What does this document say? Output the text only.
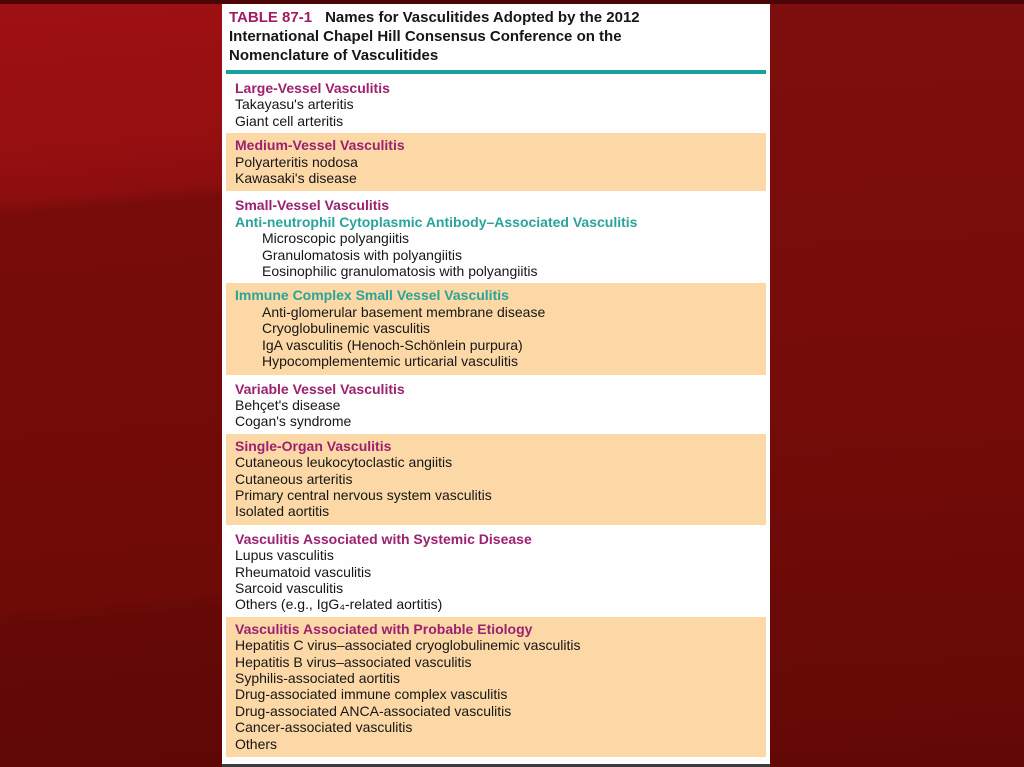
TABLE 87-1 Names for Vasculitides Adopted by the 2012
International Chapel Hill Consensus Conference on the
Nomenclature of Vasculitides
Large-Vessel Vasculitis
Takayasu's arteritis
Giant cell arteritis
Medium-Vessel Vasculitis
Polyarteritis nodosa
Kawasaki's disease
Small-Vessel Vasculitis
Anti-neutrophil Cytoplasmic Antibody–Associated Vasculitis
Microscopic polyangiitis
Granulomatosis with polyangiitis
Eosinophilic granulomatosis with polyangiitis
Immune Complex Small Vessel Vasculitis
Anti-glomerular basement membrane disease
Cryoglobulinemic vasculitis
IgA vasculitis (Henoch-Schönlein purpura)
Hypocomplementemic urticarial vasculitis
Variable Vessel Vasculitis
Behçet's disease
Cogan's syndrome
Single-Organ Vasculitis
Cutaneous leukocytoclastic angiitis
Cutaneous arteritis
Primary central nervous system vasculitis
Isolated aortitis
Vasculitis Associated with Systemic Disease
Lupus vasculitis
Rheumatoid vasculitis
Sarcoid vasculitis
Others (e.g., IgG₄-related aortitis)
Vasculitis Associated with Probable Etiology
Hepatitis C virus–associated cryoglobulinemic vasculitis
Hepatitis B virus–associated vasculitis
Syphilis-associated aortitis
Drug-associated immune complex vasculitis
Drug-associated ANCA-associated vasculitis
Cancer-associated vasculitis
Others
